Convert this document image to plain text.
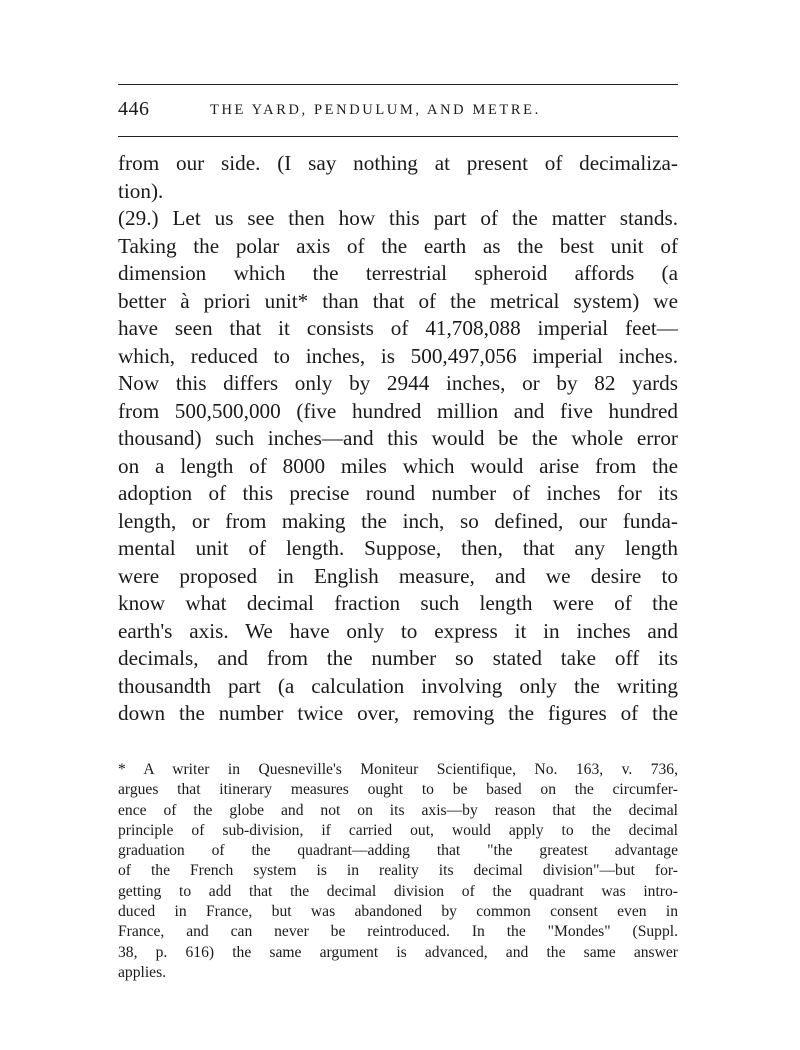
446	THE YARD, PENDULUM, AND METRE.
from our side. (I say nothing at present of decimaliza-
tion).
(29.) Let us see then how this part of the matter stands.
Taking the polar axis of the earth as the best unit of
dimension which the terrestrial spheroid affords (a
better à priori unit* than that of the metrical system) we
have seen that it consists of 41,708,088 imperial feet—
which, reduced to inches, is 500,497,056 imperial inches.
Now this differs only by 2944 inches, or by 82 yards
from 500,500,000 (five hundred million and five hundred
thousand) such inches—and this would be the whole error
on a length of 8000 miles which would arise from the
adoption of this precise round number of inches for its
length, or from making the inch, so defined, our funda-
mental unit of length. Suppose, then, that any length
were proposed in English measure, and we desire to
know what decimal fraction such length were of the
earth's axis. We have only to express it in inches and
decimals, and from the number so stated take off its
thousandth part (a calculation involving only the writing
down the number twice over, removing the figures of the
* A writer in Quesneville's Moniteur Scientifique, No. 163, v. 736,
argues that itinerary measures ought to be based on the circumfer-
ence of the globe and not on its axis—by reason that the decimal
principle of sub-division, if carried out, would apply to the decimal
graduation of the quadrant—adding that "the greatest advantage
of the French system is in reality its decimal division"—but for-
getting to add that the decimal division of the quadrant was intro-
duced in France, but was abandoned by common consent even in
France, and can never be reintroduced. In the "Mondes" (Suppl.
38, p. 616) the same argument is advanced, and the same answer
applies.
